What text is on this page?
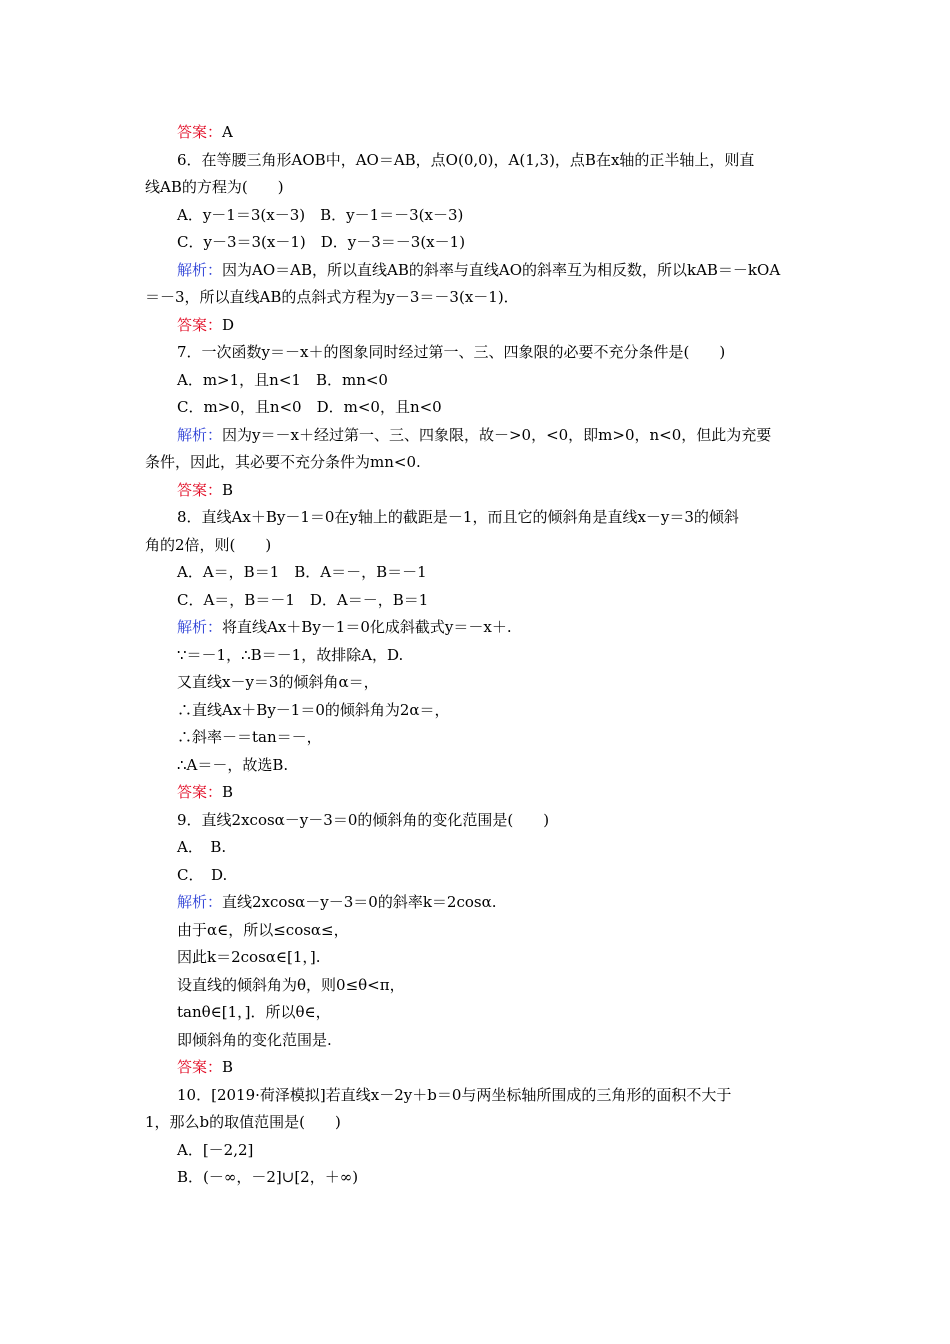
答案：A
6．在等腰三角形AOB中，AO＝AB，点O(0,0)，A(1,3)，点B在x轴的正半轴上，则直
线AB的方程为(　　)
A．y－1＝3(x－3)　B．y－1＝－3(x－3)
C．y－3＝3(x－1)　D．y－3＝－3(x－1)
解析：因为AO＝AB，所以直线AB的斜率与直线AO的斜率互为相反数，所以kAB＝－kOA
＝－3，所以直线AB的点斜式方程为y－3＝－3(x－1)．
答案：D
7．一次函数y＝－x＋的图象同时经过第一、三、四象限的必要不充分条件是(　　)
A．m>1，且n<1　B．mn<0
C．m>0，且n<0　D．m<0，且n<0
解析：因为y＝－x＋经过第一、三、四象限，故－>0，<0，即m>0，n<0，但此为充要
条件，因此，其必要不充分条件为mn<0.
答案：B
8．直线Ax＋By－1＝0在y轴上的截距是－1，而且它的倾斜角是直线x－y＝3的倾斜
角的2倍，则(　　)
A．A＝，B＝1　B．A＝－，B＝－1
C．A＝，B＝－1　D．A＝－，B＝1
解析：将直线Ax＋By－1＝0化成斜截式y＝－x＋.
∵＝－1，∴B＝－1，故排除A，D.
又直线x－y＝3的倾斜角α＝，
∴直线Ax＋By－1＝0的倾斜角为2α＝，
∴斜率－＝tan＝－，
∴A＝－，故选B.
答案：B
9．直线2xcosα－y－3＝0的倾斜角的变化范围是(　　)
A．　B.
C．　D.
解析：直线2xcosα－y－3＝0的斜率k＝2cosα.
由于α∈，所以≤cosα≤，
因此k＝2cosα∈[1，].
设直线的倾斜角为θ，则0≤θ<π，
tanθ∈[1，]．所以θ∈，
即倾斜角的变化范围是.
答案：B
10．[2019·荷泽模拟]若直线x－2y＋b＝0与两坐标轴所围成的三角形的面积不大于
1，那么b的取值范围是(　　)
A．[－2,2]
B．(－∞，－2]∪[2，＋∞)
